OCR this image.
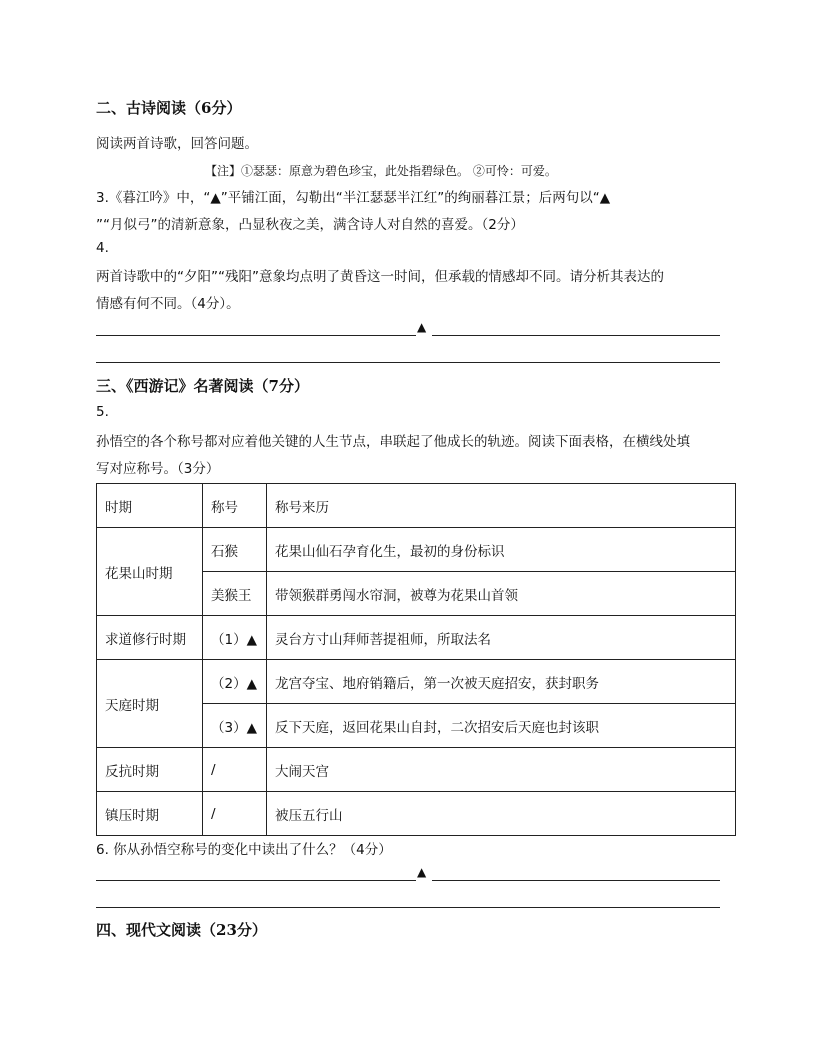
二、古诗阅读（6分）
阅读两首诗歌，回答问题。
【注】①瑟瑟：原意为碧色珍宝，此处指碧绿色。 ②可怜：可爱。
3.《暮江吟》中，“▲”平铺江面，勾勒出“半江瑟瑟半江红”的绚丽暮江景；后两句以“▲
”“月似弓”的清新意象，凸显秋夜之美，满含诗人对自然的喜爱。（2分）
4.
两首诗歌中的“夕阳”“残阳”意象均点明了黄昏这一时间，但承载的情感却不同。请分析其表达的
情感有何不同。（4分）。
▲
三、《西游记》名著阅读（7分）
5.
孙悟空的各个称号都对应着他关键的人生节点，串联起了他成长的轨迹。阅读下面表格，在横线处填
写对应称号。（3分）
时期	称号	称号来历
花果山时期	石猴	花果山仙石孕育化生，最初的身份标识
	美猴王	带领猴群勇闯水帘洞，被尊为花果山首领
求道修行时期	（1）▲	灵台方寸山拜师菩提祖师，所取法名
天庭时期	（2）▲	龙宫夺宝、地府销籍后，第一次被天庭招安，获封职务
	（3）▲	反下天庭，返回花果山自封，二次招安后天庭也封该职
反抗时期	/	大闹天宫
镇压时期	/	被压五行山
6. 你从孙悟空称号的变化中读出了什么？（4分）
▲
四、现代文阅读（23分）
